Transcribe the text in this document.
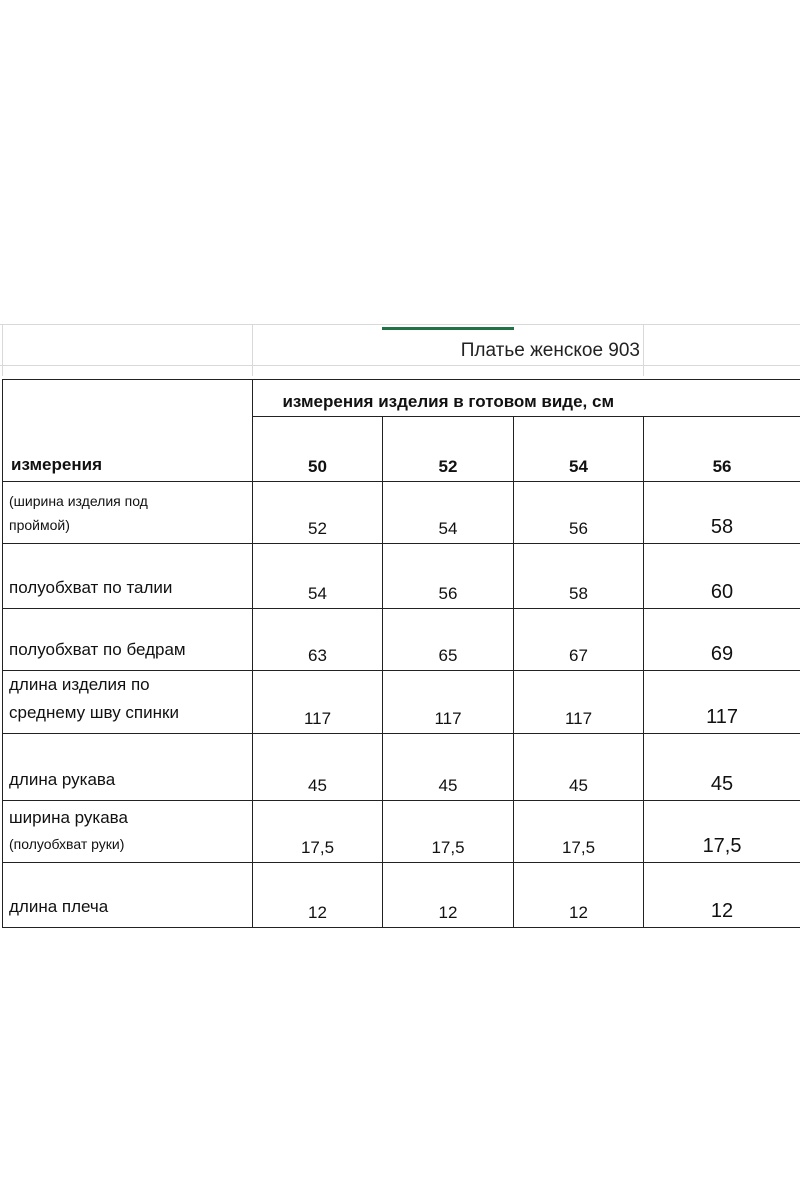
Платье женское 903
измерения	измерения изделия в готовом виде, см			
	50	52	54	56

(ширина изделия под
проймой)	52	54	56	58

полуобхват по талии	54	56	58	60

полуобхват по бедрам	63	65	67	69

длина изделия по
среднему шву спинки	117	117	117	117

длина рукава	45	45	45	45

ширина рукава
(полуобхват руки)	17,5	17,5	17,5	17,5

длина плеча	12	12	12	12
